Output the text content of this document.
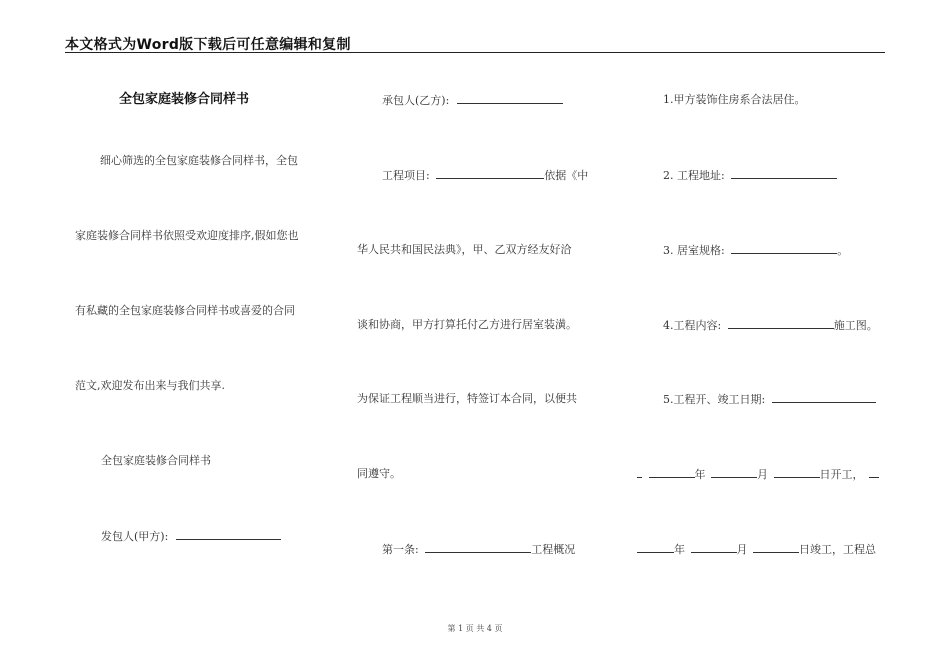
本文格式为Word版下载后可任意编辑和复制
全包家庭装修合同样书
细心筛选的全包家庭装修合同样书，全包
家庭装修合同样书依照受欢迎度排序,假如您也
有私藏的全包家庭装修合同样书或喜爱的合同
范文,欢迎发布出来与我们共享.
全包家庭装修合同样书
发包人(甲方):
承包人(乙方):
工程项目:	依据《中
华人民共和国民法典》，甲、乙双方经友好洽
谈和协商，甲方打算托付乙方进行居室装潢。
为保证工程顺当进行，特签订本合同，以便共
同遵守。
第一条:	工程概况
1.甲方装饰住房系合法居住。
2. 工程地址:
3. 居室规格:	。
4.工程内容:	施工图。
5.工程开、竣工日期:
年	月	日开工，
年	月	日竣工，工程总
第 1 页 共 4 页
